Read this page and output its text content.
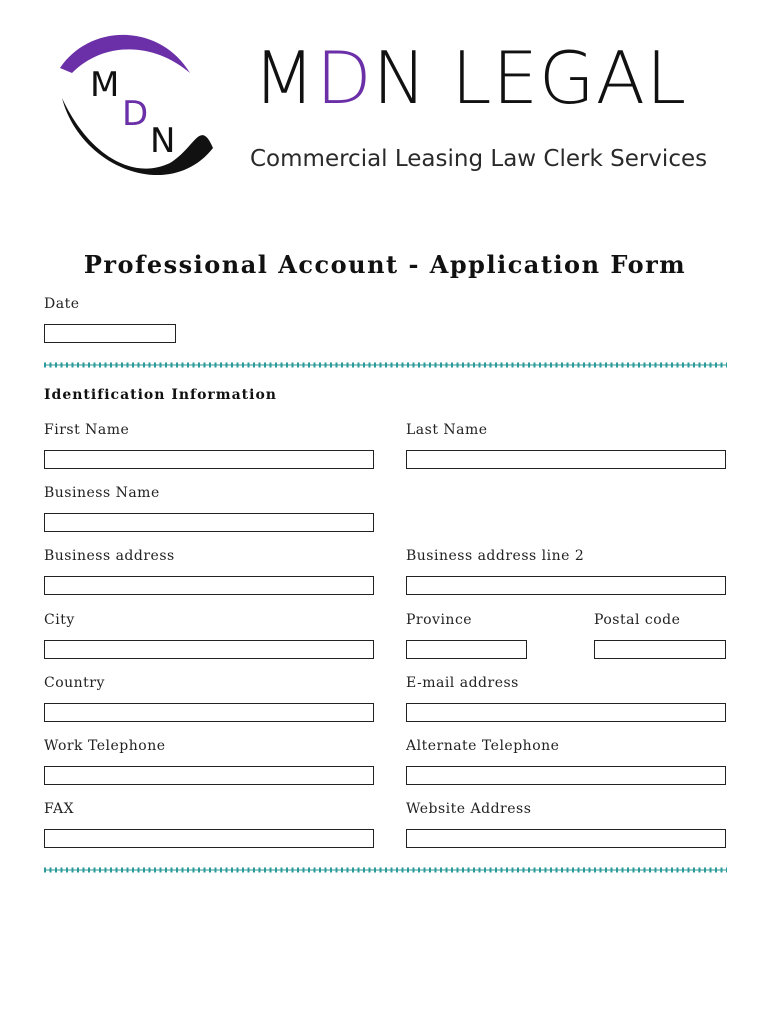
M
D
N
MDN LEGAL
Commercial Leasing Law Clerk Services
Professional Account - Application Form
Date
Identification Information
First Name	Last Name
Business Name
Business address	Business address line 2
City	Province	Postal code
Country	E-mail address
Work Telephone	Alternate Telephone
FAX	Website Address
